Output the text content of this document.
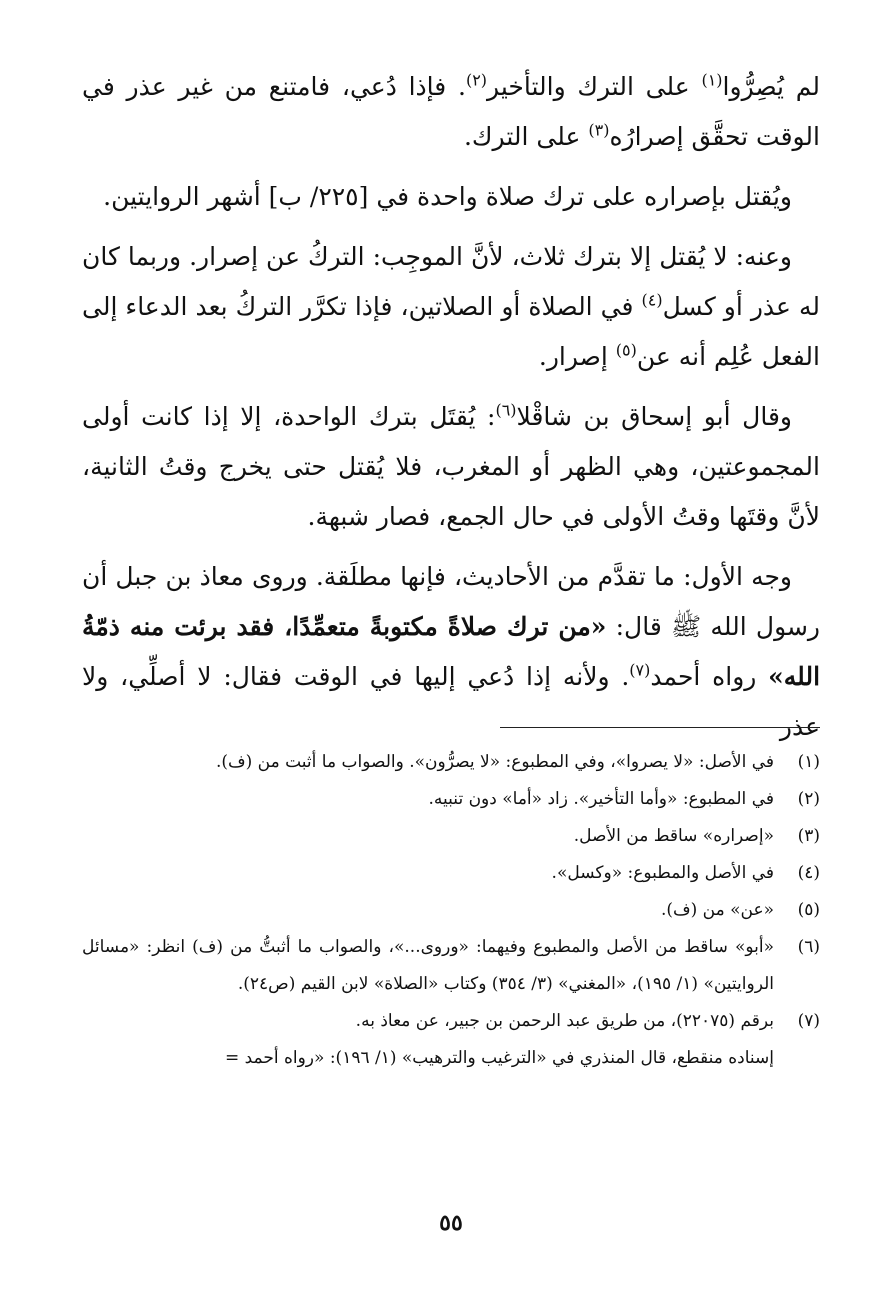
لم يُصِرُّوا$^{(١)}$ على الترك والتأخير$^{(٢)}$. فإذا دُعي، فامتنع من غير عذر في الوقت تحقَّق إصرارُه$^{(٣)}$ على الترك.

ويُقتل بإصراره على ترك صلاة واحدة في [٢٢٥/ ب] أشهر الروايتين.

وعنه: لا يُقتل إلا بترك ثلاث، لأنَّ الموجِب: التركُ عن إصرار. وربما كان له عذر أو كسل$^{(٤)}$ في الصلاة أو الصلاتين، فإذا تكرَّر التركُ بعد الدعاء إلى الفعل عُلِم أنه عن$^{(٥)}$ إصرار.

وقال أبو إسحاق بن شاقْلا$^{(٦)}$: يُقتَل بترك الواحدة، إلا إذا كانت أولى المجموعتين، وهي الظهر أو المغرب، فلا يُقتل حتى يخرج وقتُ الثانية، لأنَّ وقتَها وقتُ الأولى في حال الجمع، فصار شبهة.

وجه الأول: ما تقدَّم من الأحاديث، فإنها مطلَقة. وروى معاذ بن جبل أن رسول الله ﷺ قال: «من ترك صلاةً مكتوبةً متعمِّدًا، فقد برئت منه ذمّةُ الله» رواه أحمد$^{(٧)}$. ولأنه إذا دُعي إليها في الوقت فقال: لا أصلِّي، ولا عذر

(١)
في الأصل: «لا يصروا»، وفي المطبوع: «لا يصرُّون». والصواب ما أثبت من (ف).
(٢)
في المطبوع: «وأما التأخير». زاد «أما» دون تنبيه.
(٣)
«إصراره» ساقط من الأصل.
(٤)
في الأصل والمطبوع: «وكسل».
(٥)
«عن» من (ف).
(٦)
«أبو» ساقط من الأصل والمطبوع وفيهما: «وروى...»، والصواب ما أثبتُّ من (ف) انظر: «مسائل الروايتين» (١/ ١٩٥)، «المغني» (٣/ ٣٥٤) وكتاب «الصلاة» لابن القيم (ص٢٤).
(٧)
برقم (٢٢٠٧٥)، من طريق عبد الرحمن بن جبير، عن معاذ به.
إسناده منقطع، قال المنذري في «الترغيب والترهيب» (١/ ١٩٦): «رواه أحمد =
٥٥
